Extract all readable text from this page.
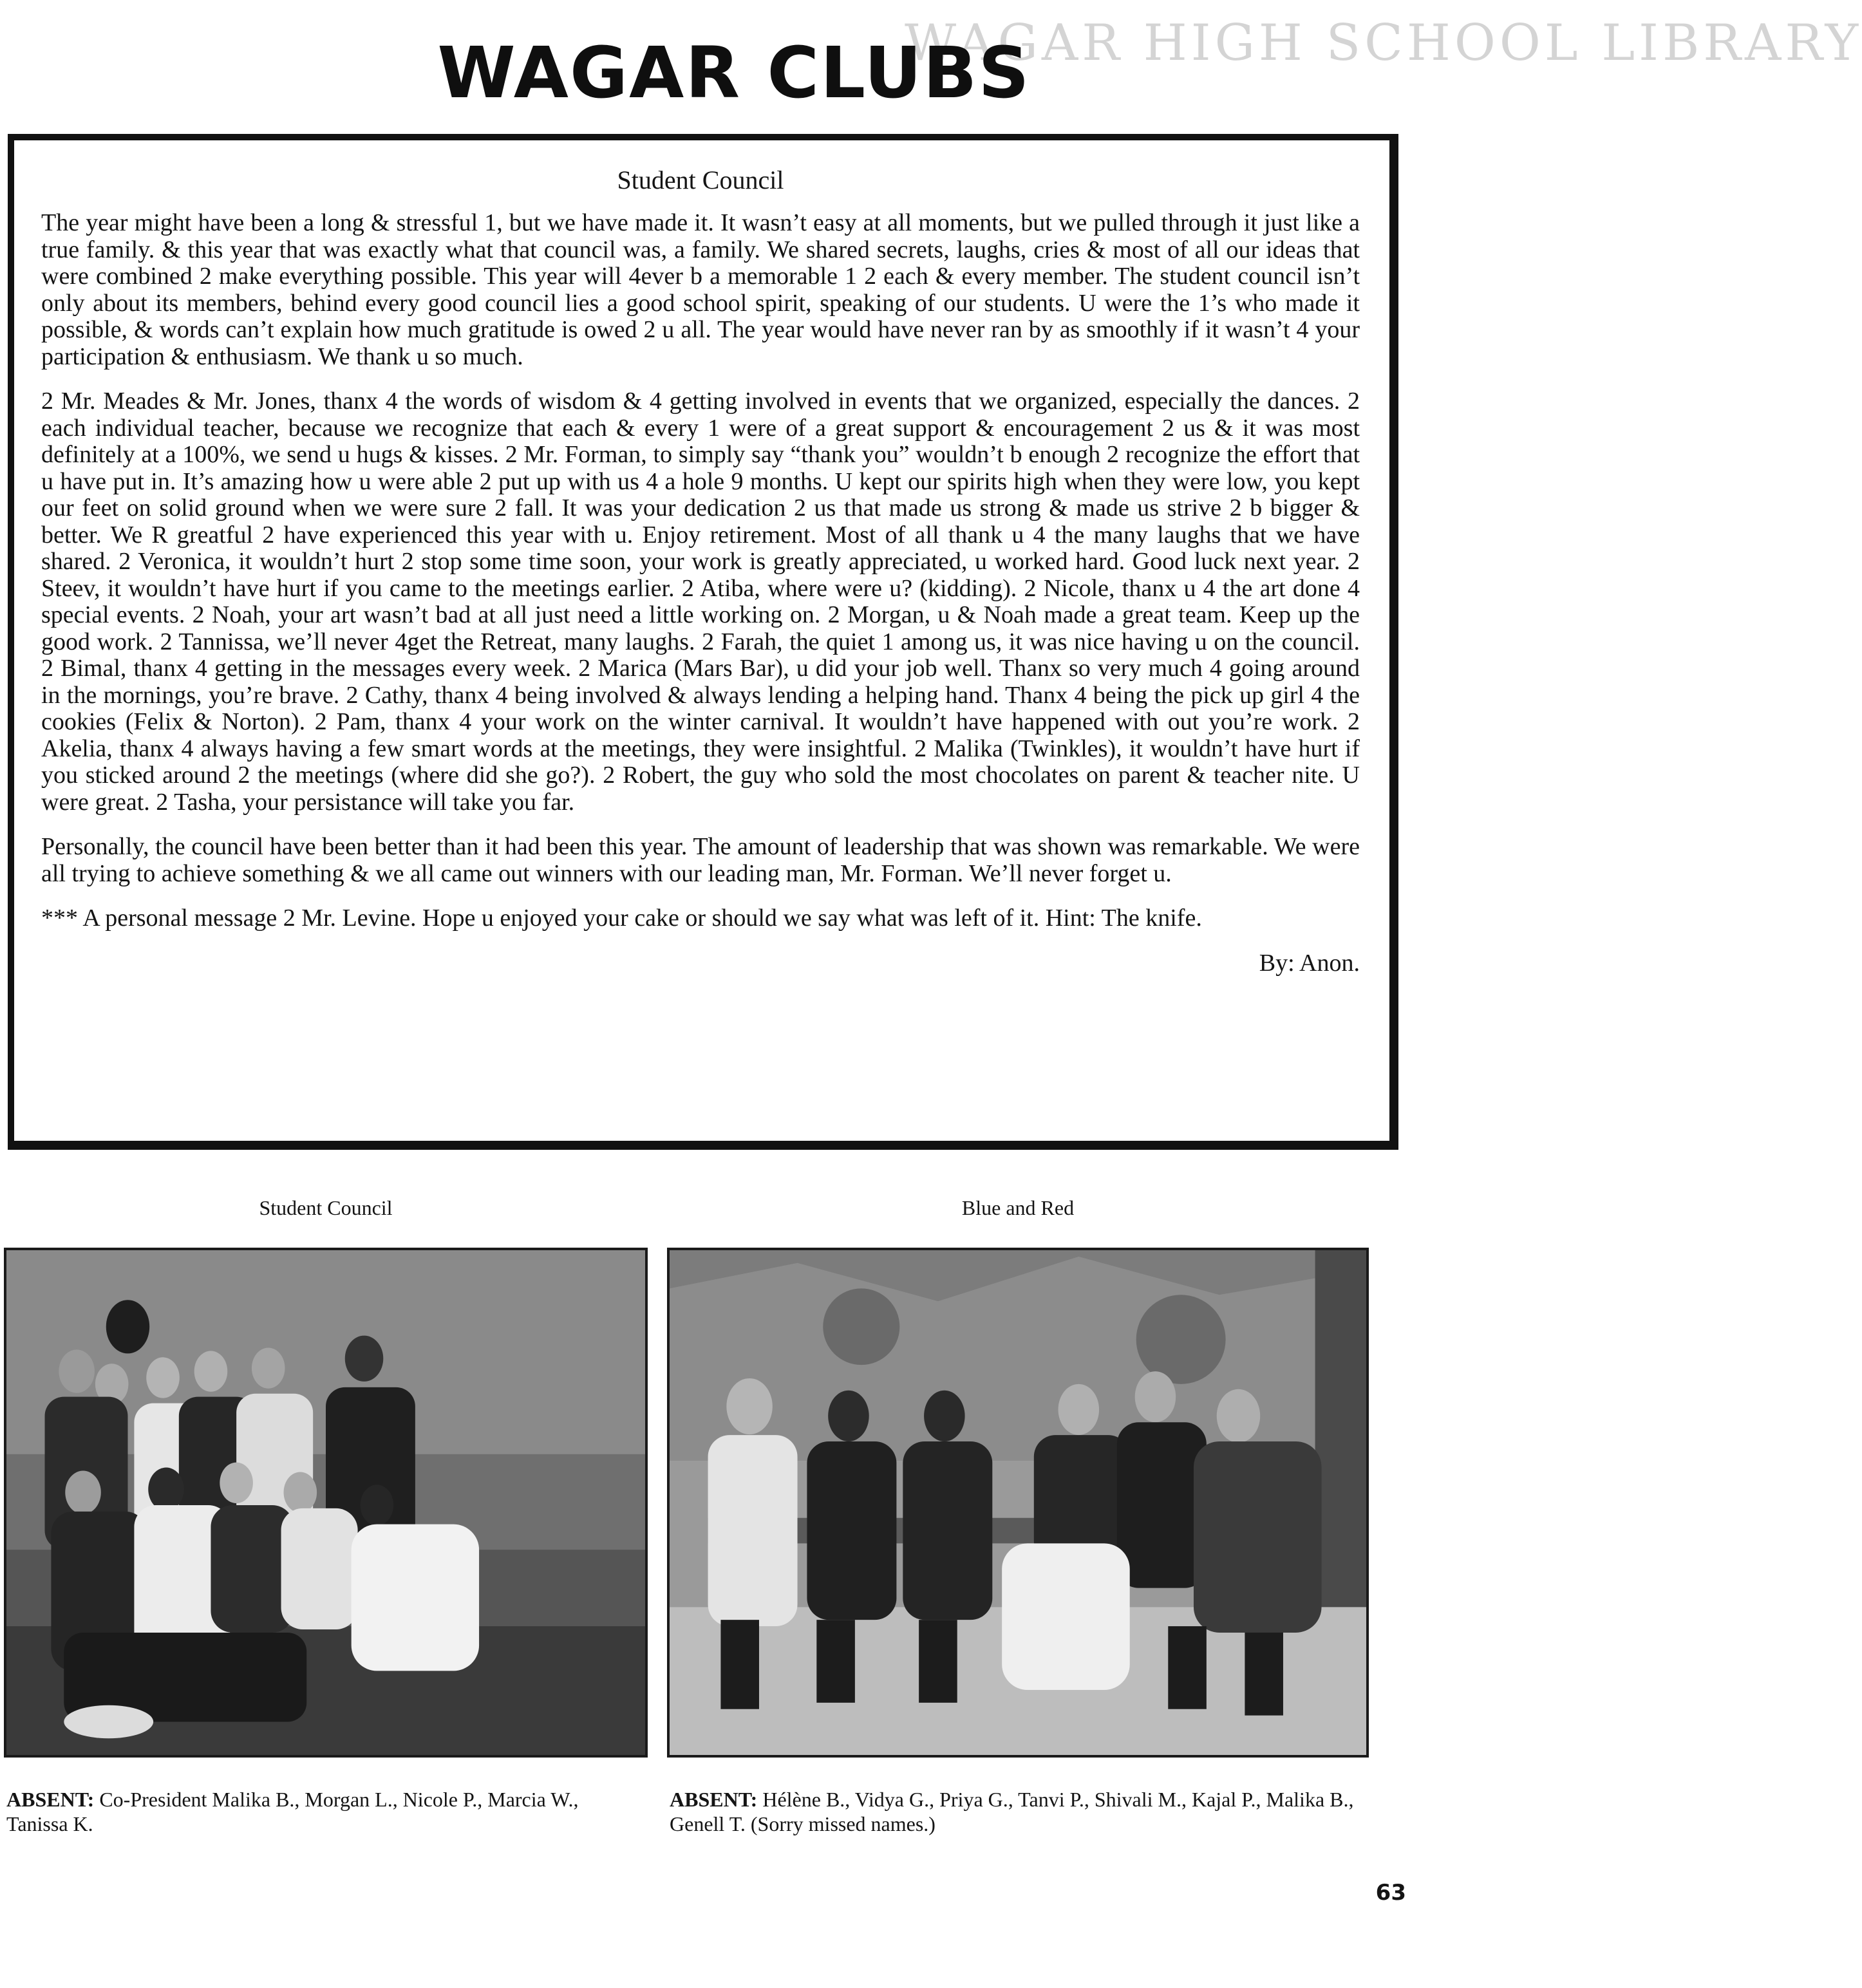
WAGAR HIGH SCHOOL LIBRARY
WAGAR CLUBS
Student Council

The year might have been a long & stressful 1, but we have made it. It wasn’t easy at all moments, but we pulled through it just like a true family. & this year that was exactly what that council was, a family. We shared secrets, laughs, cries & most of all our ideas that were combined 2 make everything possible. This year will 4ever b a memorable 1 2 each & every member. The student council isn’t only about its members, behind every good council lies a good school spirit, speaking of our students. U were the 1’s who made it possible, & words can’t explain how much gratitude is owed 2 u all. The year would have never ran by as smoothly if it wasn’t 4 your participation & enthusiasm. We thank u so much.

2 Mr. Meades & Mr. Jones, thanx 4 the words of wisdom & 4 getting involved in events that we organized, especially the dances. 2 each individual teacher, because we recognize that each & every 1 were of a great support & encouragement 2 us & it was most definitely at a 100%, we send u hugs & kisses. 2 Mr. Forman, to simply say “thank you” wouldn’t b enough 2 recognize the effort that u have put in. It’s amazing how u were able 2 put up with us 4 a hole 9 months. U kept our spirits high when they were low, you kept our feet on solid ground when we were sure 2 fall. It was your dedication 2 us that made us strong & made us strive 2 b bigger & better. We R greatful 2 have experienced this year with u. Enjoy retirement. Most of all thank u 4 the many laughs that we have shared. 2 Veronica, it wouldn’t hurt 2 stop some time soon, your work is greatly appreciated, u worked hard. Good luck next year. 2 Steev, it wouldn’t have hurt if you came to the meetings earlier. 2 Atiba, where were u? (kidding). 2 Nicole, thanx u 4 the art done 4 special events. 2 Noah, your art wasn’t bad at all just need a little working on. 2 Morgan, u & Noah made a great team. Keep up the good work. 2 Tannissa, we’ll never 4get the Retreat, many laughs. 2 Farah, the quiet 1 among us, it was nice having u on the council. 2 Bimal, thanx 4 getting in the messages every week. 2 Marica (Mars Bar), u did your job well. Thanx so very much 4 going around in the mornings, you’re brave. 2 Cathy, thanx 4 being involved & always lending a helping hand. Thanx 4 being the pick up girl 4 the cookies (Felix & Norton). 2 Pam, thanx 4 your work on the winter carnival. It wouldn’t have happened with out you’re work. 2 Akelia, thanx 4 always having a few smart words at the meetings, they were insightful. 2 Malika (Twinkles), it wouldn’t have hurt if you sticked around 2 the meetings (where did she go?). 2 Robert, the guy who sold the most chocolates on parent & teacher nite. U were great. 2 Tasha, your persistance will take you far.

Personally, the council have been better than it had been this year. The amount of leadership that was shown was remarkable. We were all trying to achieve something & we all came out winners with our leading man, Mr. Forman. We’ll never forget u.

*** A personal message 2 Mr. Levine. Hope u enjoyed your cake or should we say what was left of it. Hint: The knife.

By: Anon.

Student Council

ABSENT: Co-President Malika B., Morgan L., Nicole P., Marcia W., Tanissa K.

Blue and Red

ABSENT: Hélène B., Vidya G., Priya G., Tanvi P., Shivali M., Kajal P., Malika B., Genell T. (Sorry missed names.)

63
